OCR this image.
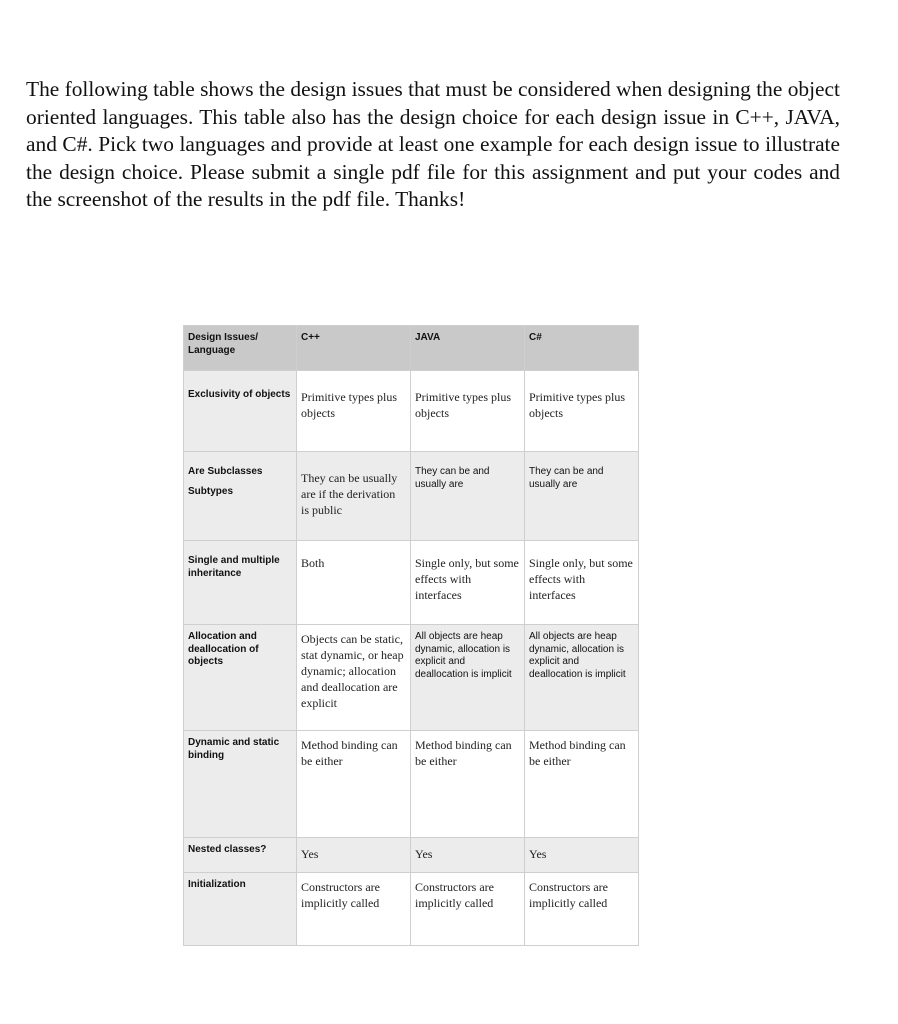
The following table shows the design issues that must be considered when designing the object oriented languages. This table also has the design choice for each design issue in C++, JAVA, and C#. Pick two languages and provide at least one example for each design issue to illustrate the design choice. Please submit a single pdf file for this assignment and put your codes and the screenshot of the results in the pdf file. Thanks!

Design Issues/ Language	C++	JAVA	C#
Exclusivity of objects	Primitive types plus objects	Primitive types plus objects	Primitive types plus objects

Are Subclasses
Subtypes	They can be usually are if the derivation is public	They can be and usually are	They can be and usually are
Single and multiple inheritance	Both	Single only, but some effects with interfaces	Single only, but some effects with interfaces
Allocation and deallocation of objects	Objects can be static, stat dynamic, or heap dynamic; allocation and deallocation are explicit	All objects are heap dynamic, allocation is explicit and deallocation is implicit	All objects are heap dynamic, allocation is explicit and deallocation is implicit
Dynamic and static binding	Method binding can be either	Method binding can be either	Method binding can be either
Nested classes?	Yes	Yes	Yes
Initialization	Constructors are implicitly called	Constructors are implicitly called	Constructors are implicitly called
